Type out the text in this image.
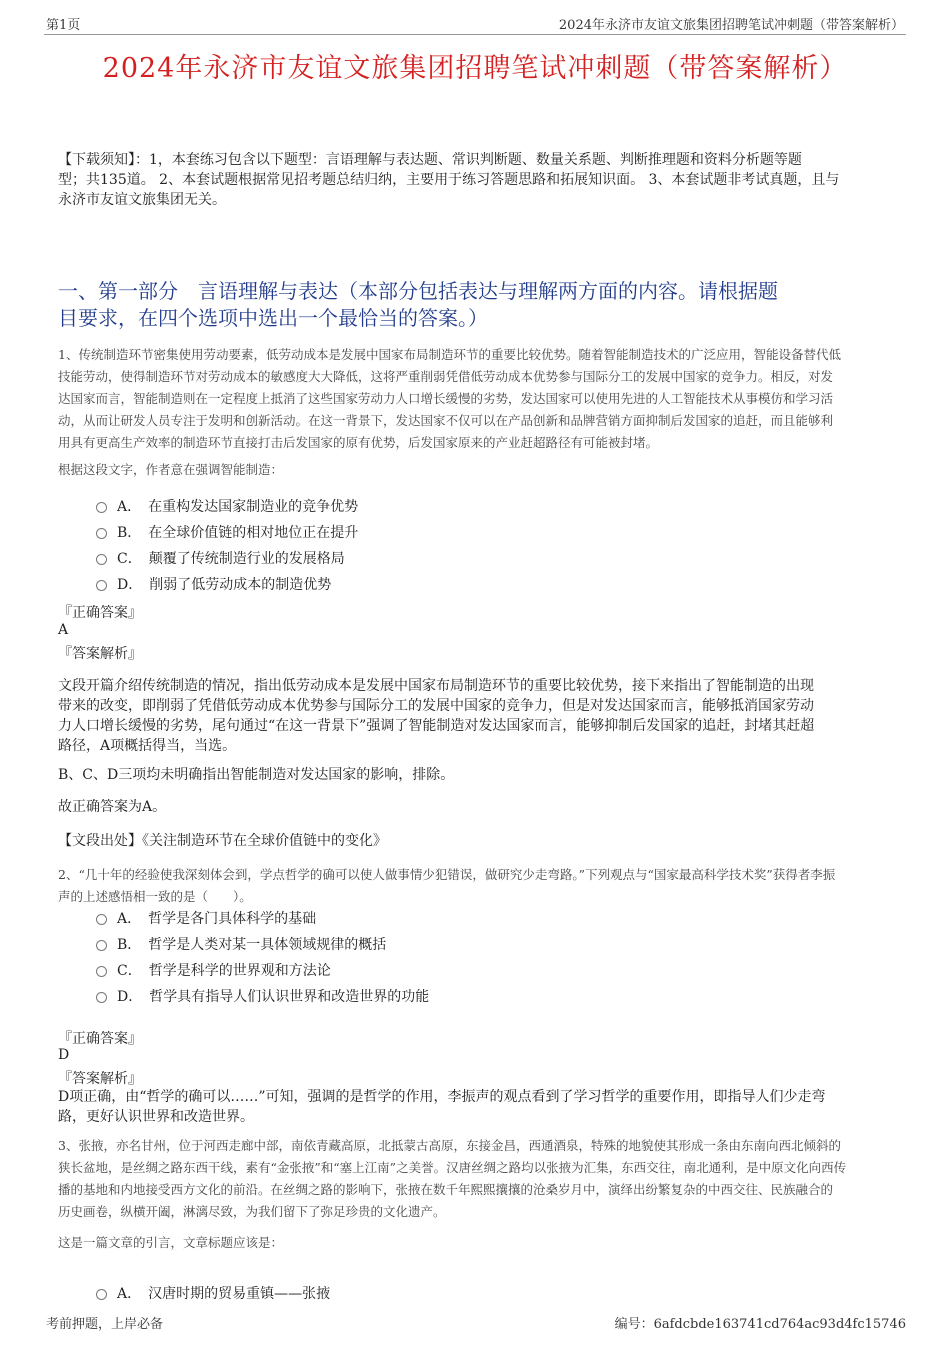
第1页	2024年永济市友谊文旅集团招聘笔试冲刺题（带答案解析）
2024年永济市友谊文旅集团招聘笔试冲刺题（带答案解析）
【下载须知】：1，本套练习包含以下题型：言语理解与表达题、常识判断题、数量关系题、判断推理题和资料分析题等题
型；共135道。 2、本套试题根据常见招考题总结归纳，主要用于练习答题思路和拓展知识面。 3、本套试题非考试真题，且与
永济市友谊文旅集团无关。
一、第一部分　言语理解与表达（本部分包括表达与理解两方面的内容。请根据题
目要求，在四个选项中选出一个最恰当的答案。）
1、传统制造环节密集使用劳动要素，低劳动成本是发展中国家布局制造环节的重要比较优势。随着智能制造技术的广泛应用，智能设备替代低
技能劳动，使得制造环节对劳动成本的敏感度大大降低，这将严重削弱凭借低劳动成本优势参与国际分工的发展中国家的竞争力。相反，对发
达国家而言，智能制造则在一定程度上抵消了这些国家劳动力人口增长缓慢的劣势，发达国家可以使用先进的人工智能技术从事模仿和学习活
动，从而让研发人员专注于发明和创新活动。在这一背景下，发达国家不仅可以在产品创新和品牌营销方面抑制后发国家的追赶，而且能够利
用具有更高生产效率的制造环节直接打击后发国家的原有优势，后发国家原来的产业赶超路径有可能被封堵。
根据这段文字，作者意在强调智能制造：
A．　在重构发达国家制造业的竞争优势
B．　在全球价值链的相对地位正在提升
C．　颠覆了传统制造行业的发展格局
D．　削弱了低劳动成本的制造优势
『正确答案』
A
『答案解析』
文段开篇介绍传统制造的情况，指出低劳动成本是发展中国家布局制造环节的重要比较优势，接下来指出了智能制造的出现
带来的改变，即削弱了凭借低劳动成本优势参与国际分工的发展中国家的竞争力，但是对发达国家而言，能够抵消国家劳动
力人口增长缓慢的劣势，尾句通过“在这一背景下”强调了智能制造对发达国家而言，能够抑制后发国家的追赶，封堵其赶超
路径，A项概括得当，当选。
B、C、D三项均未明确指出智能制造对发达国家的影响，排除。
故正确答案为A。
【文段出处】《关注制造环节在全球价值链中的变化》
2、“几十年的经验使我深刻体会到，学点哲学的确可以使人做事情少犯错误，做研究少走弯路。”下列观点与“国家最高科学技术奖”获得者李振
声的上述感悟相一致的是（　　）。
A．　哲学是各门具体科学的基础
B．　哲学是人类对某一具体领域规律的概括
C．　哲学是科学的世界观和方法论
D．　哲学具有指导人们认识世界和改造世界的功能
『正确答案』
D
『答案解析』
D项正确，由“哲学的确可以……”可知，强调的是哲学的作用，李振声的观点看到了学习哲学的重要作用，即指导人们少走弯
路，更好认识世界和改造世界。
3、张掖，亦名甘州，位于河西走廊中部，南依青藏高原，北抵蒙古高原，东接金昌，西通酒泉，特殊的地貌使其形成一条由东南向西北倾斜的
狭长盆地，是丝绸之路东西干线，素有“金张掖”和“塞上江南”之美誉。汉唐丝绸之路均以张掖为汇集，东西交往，南北通利，是中原文化向西传
播的基地和内地接受西方文化的前沿。在丝绸之路的影响下，张掖在数千年熙熙攘攘的沧桑岁月中，演绎出纷繁复杂的中西交往、民族融合的
历史画卷，纵横开阖，淋漓尽致，为我们留下了弥足珍贵的文化遗产。
这是一篇文章的引言，文章标题应该是：
A．　汉唐时期的贸易重镇——张掖
考前押题，上岸必备	编号：6afdcbde163741cd764ac93d4fc15746
